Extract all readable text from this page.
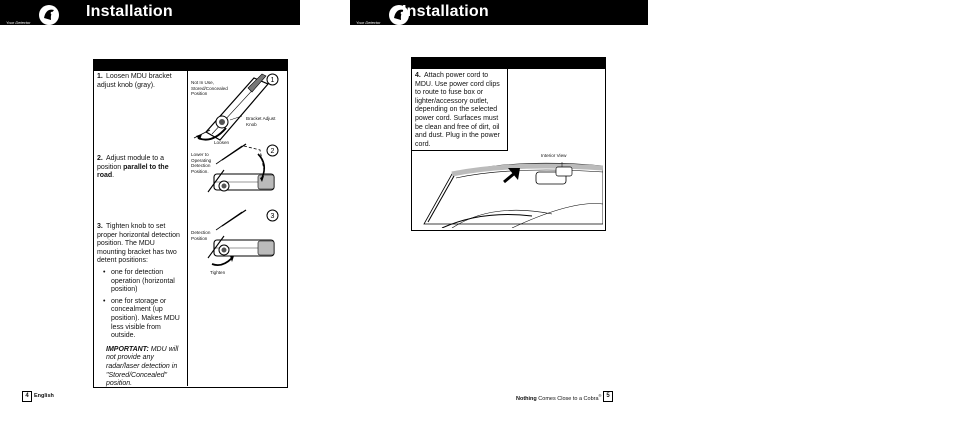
Installation
Your Detector
Installation
Your Detector
1. Loosen MDU bracket adjust knob (gray).
2. Adjust module to a position parallel to the road.
3. Tighten knob to set proper horizontal detection position. The MDU mounting bracket has two detent positions:
• one for detection operation (horizontal position)
• one for storage or concealment (up position). Makes MDU less visible from outside.
IMPORTANT: MDU will not provide any radar/laser detection in "Stored/Concealed" position.
1
Not In Use, Stored/Concealed Position
Bracket Adjust Knob
Loosen
2
Lower to Operating Detection Position.
3
Detection Position
Tighten
4 English
4. Attach power cord to MDU. Use power cord clips to route to fuse box or lighter/accessory outlet, depending on the selected power cord. Surfaces must be clean and free of dirt, oil and dust. Plug in the power cord.
Interior View
Nothing Comes Close to a Cobra® 5
